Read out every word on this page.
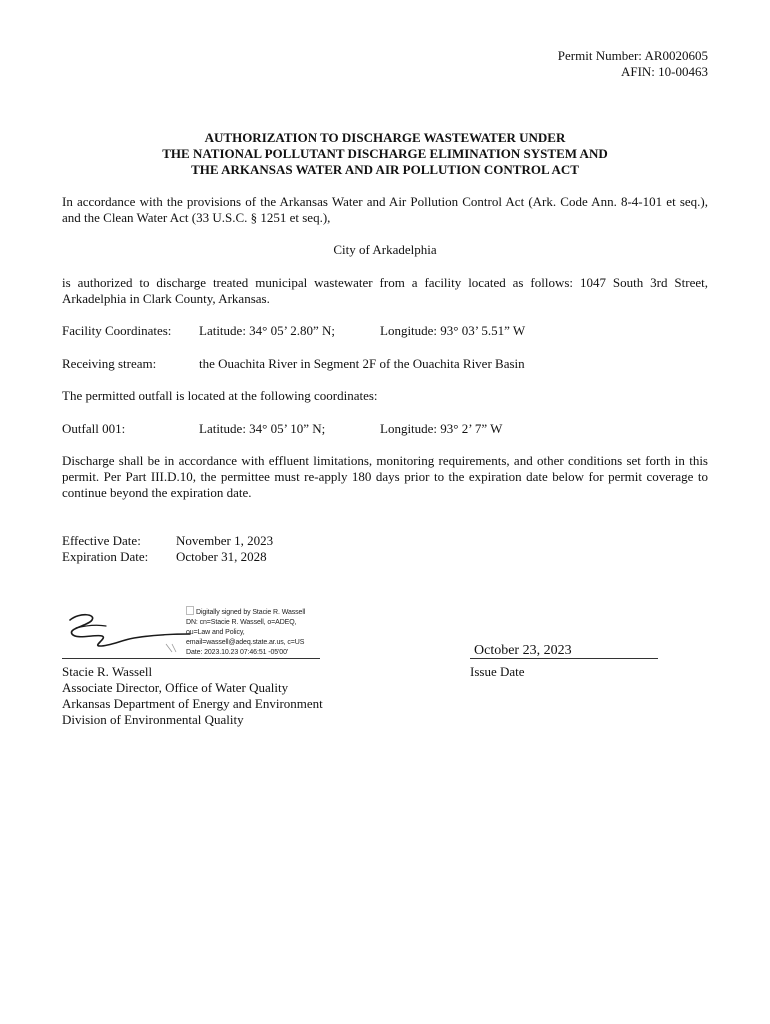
Permit Number: AR0020605
AFIN: 10-00463
AUTHORIZATION TO DISCHARGE WASTEWATER UNDER
THE NATIONAL POLLUTANT DISCHARGE ELIMINATION SYSTEM AND
THE ARKANSAS WATER AND AIR POLLUTION CONTROL ACT
In accordance with the provisions of the Arkansas Water and Air Pollution Control Act (Ark. Code Ann. 8-4-101 et seq.), and the Clean Water Act (33 U.S.C. § 1251 et seq.),
City of Arkadelphia
is authorized to discharge treated municipal wastewater from a facility located as follows: 1047 South 3rd Street, Arkadelphia in Clark County, Arkansas.
Facility Coordinates: Latitude: 34° 05’ 2.80” N;	Longitude: 93° 03’ 5.51” W
Receiving stream:	the Ouachita River in Segment 2F of the Ouachita River Basin
The permitted outfall is located at the following coordinates:
Outfall 001:	Latitude: 34° 05’ 10” N;	Longitude: 93° 2’ 7” W
Discharge shall be in accordance with effluent limitations, monitoring requirements, and other conditions set forth in this permit. Per Part III.D.10, the permittee must re-apply 180 days prior to the expiration date below for permit coverage to continue beyond the expiration date.
Effective Date:	November 1, 2023
Expiration Date: October 31, 2028
Digitally signed by Stacie R. Wassell
DN: cn=Stacie R. Wassell, o=ADEQ,
ou=Law and Policy,
email=wassell@adeq.state.ar.us, c=US
Date: 2023.10.23 07:46:51 -05'00'	October 23, 2023
Issue Date
Stacie R. Wassell
Associate Director, Office of Water Quality
Arkansas Department of Energy and Environment
Division of Environmental Quality
